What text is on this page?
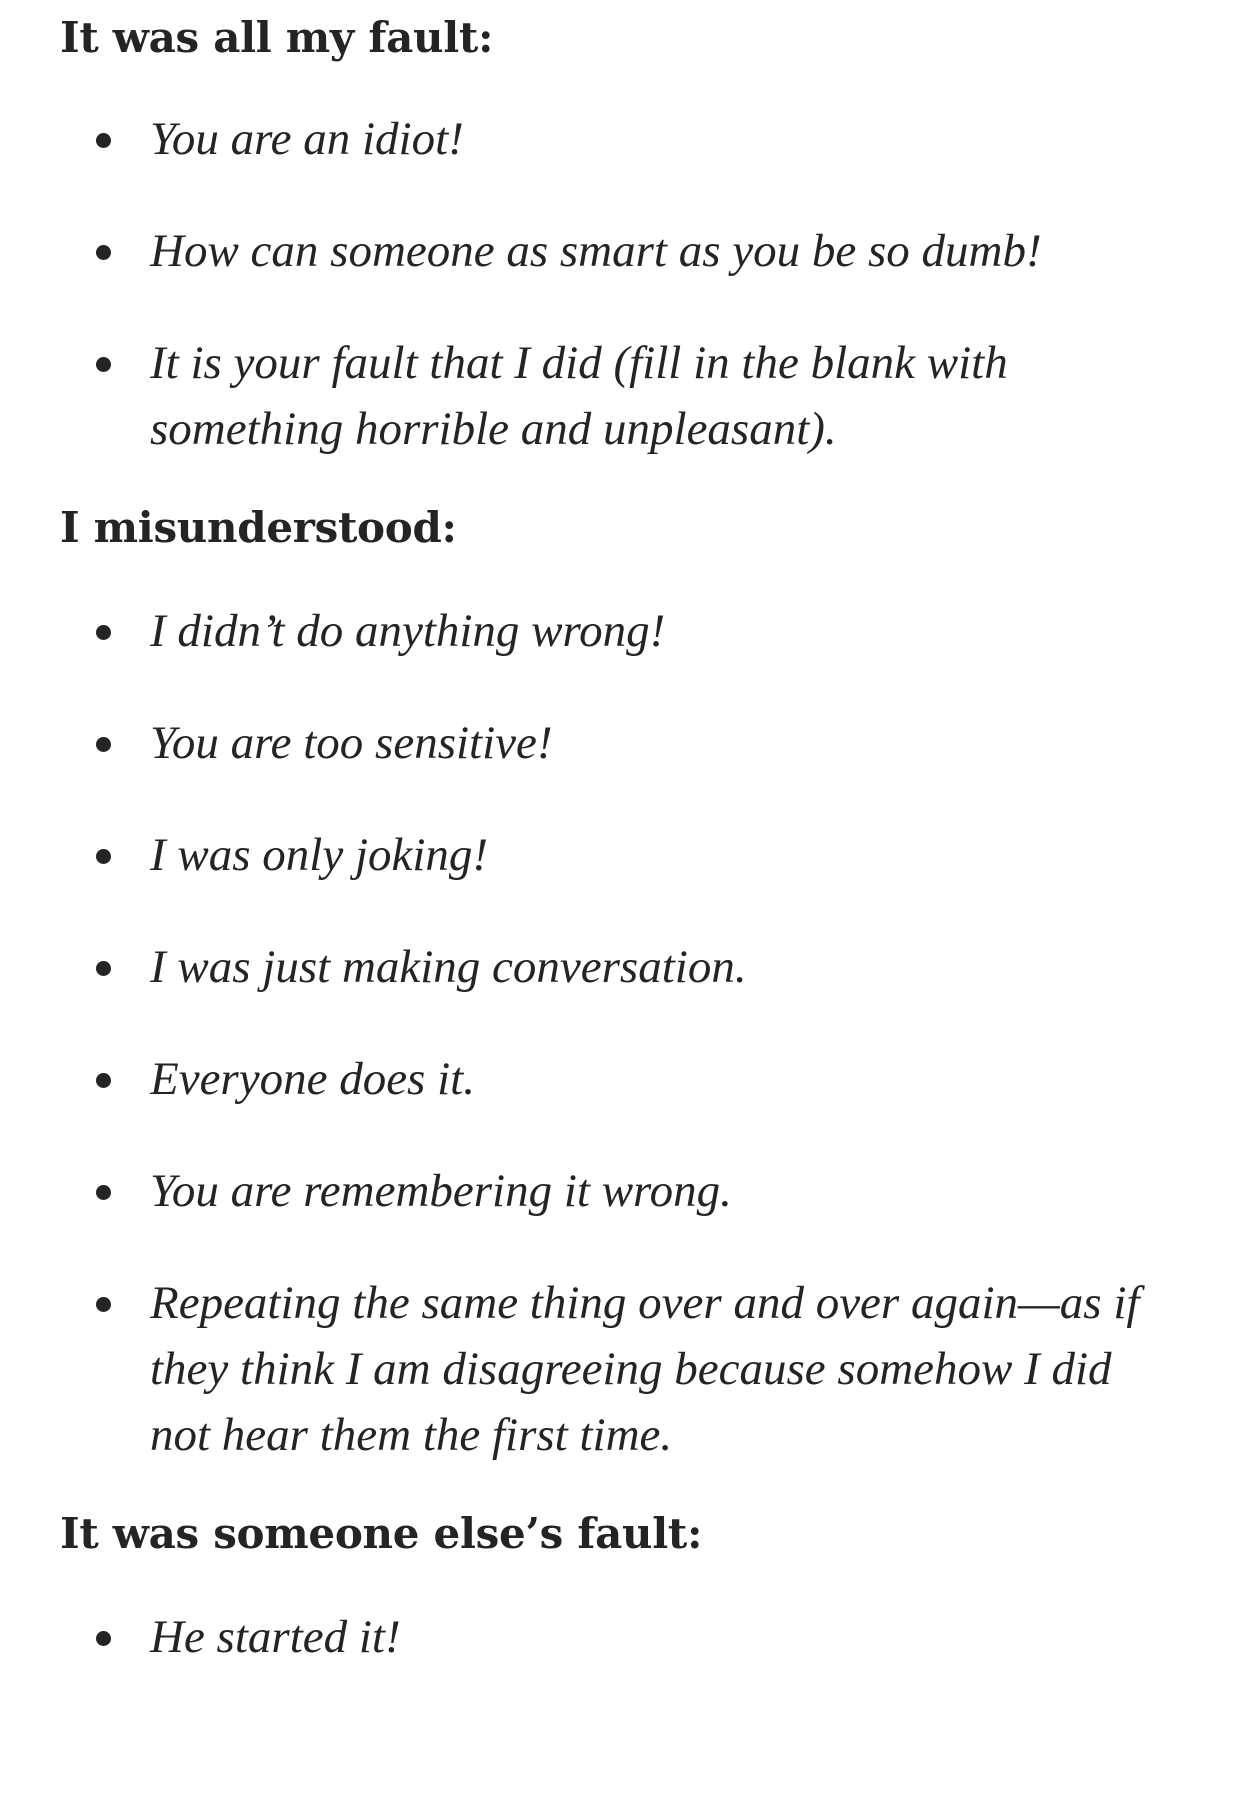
It was all my fault:
You are an idiot!
How can someone as smart as you be so dumb!
It is your fault that I did (fill in the blank with something horrible and unpleasant).
I misunderstood:
I didn’t do anything wrong!
You are too sensitive!
I was only joking!
I was just making conversation.
Everyone does it.
You are remembering it wrong.
Repeating the same thing over and over again—as if they think I am disagreeing because somehow I did not hear them the first time.
It was someone else’s fault:
He started it!
